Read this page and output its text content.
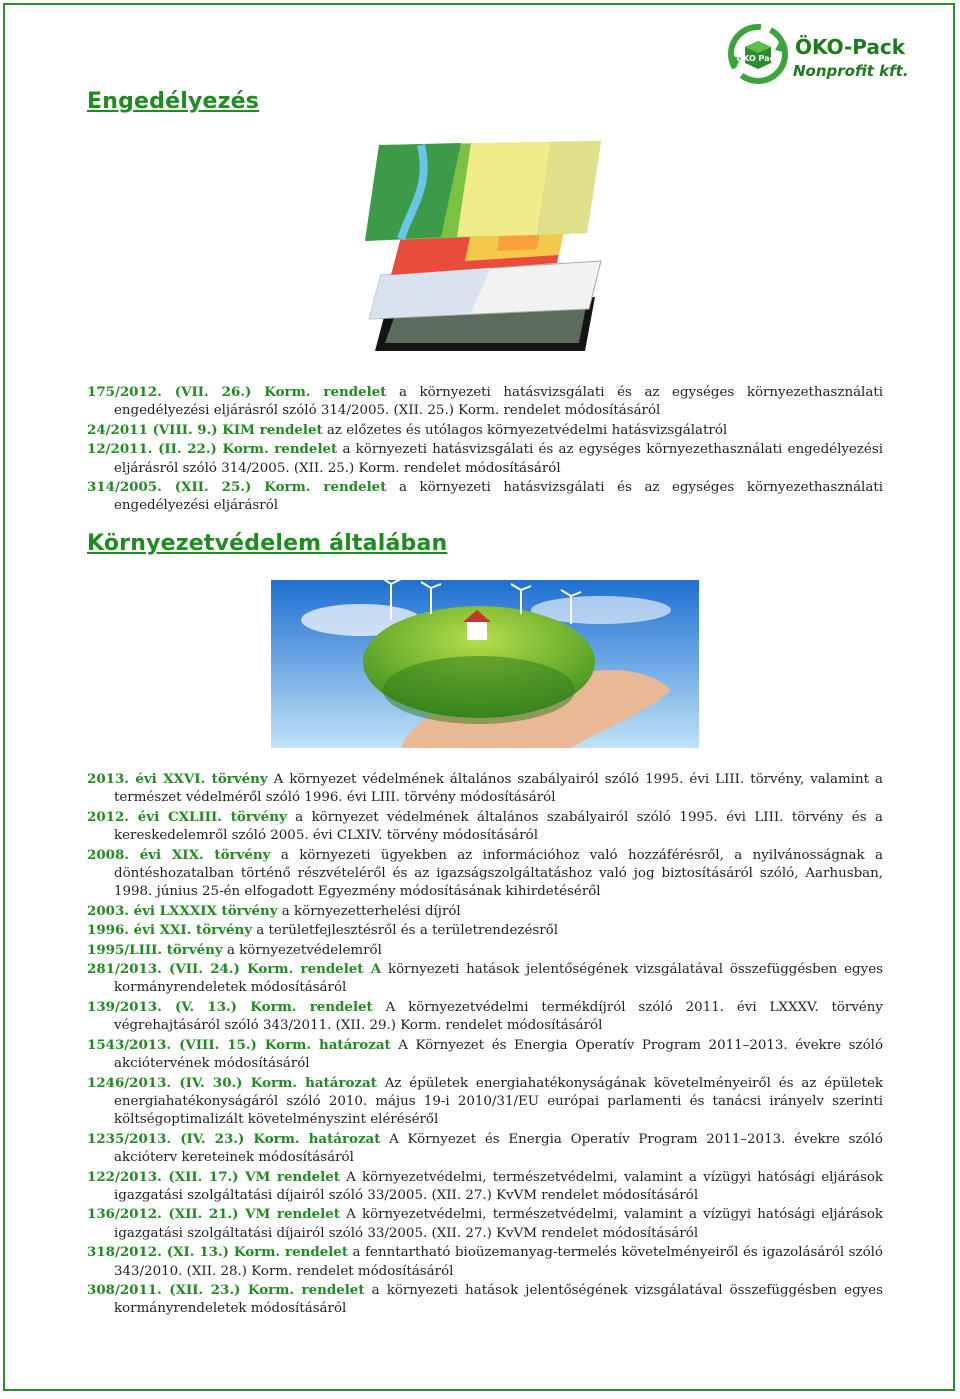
ÖKO Pack ÖKO-Pack
Nonprofit kft.
Engedélyezés
175/2012. (VII. 26.) Korm. rendelet a környezeti hatásvizsgálati és az egységes környezethasználati engedélyezési eljárásról szóló 314/2005. (XII. 25.) Korm. rendelet módosításáról
24/2011 (VIII. 9.) KIM rendelet az előzetes és utólagos környezetvédelmi hatásvizsgálatról
12/2011. (II. 22.) Korm. rendelet a környezeti hatásvizsgálati és az egységes környezethasználati engedélyezési eljárásról szóló 314/2005. (XII. 25.) Korm. rendelet módosításáról
314/2005. (XII. 25.) Korm. rendelet a környezeti hatásvizsgálati és az egységes környezethasználati engedélyezési eljárásról
Környezetvédelem általában
2013. évi XXVI. törvény A környezet védelmének általános szabályairól szóló 1995. évi LIII. törvény, valamint a természet védelméről szóló 1996. évi LIII. törvény módosításáról
2012. évi CXLIII. törvény a környezet védelmének általános szabályairól szóló 1995. évi LIII. törvény és a kereskedelemről szóló 2005. évi CLXIV. törvény módosításáról
2008. évi XIX. törvény a környezeti ügyekben az információhoz való hozzáférésről, a nyilvánosságnak a döntéshozatalban történő részvételéről és az igazságszolgáltatáshoz való jog biztosításáról szóló, Aarhusban, 1998. június 25-én elfogadott Egyezmény módosításának kihirdetéséről
2003. évi LXXXIX törvény a környezetterhelési díjról
1996. évi XXI. törvény a területfejlesztésről és a területrendezésről
1995/LIII. törvény a környezetvédelemről
281/2013. (VII. 24.) Korm. rendelet A környezeti hatások jelentőségének vizsgálatával összefüggésben egyes kormányrendeletek módosításáról
139/2013. (V. 13.) Korm. rendelet A környezetvédelmi termékdíjról szóló 2011. évi LXXXV. törvény végrehajtásáról szóló 343/2011. (XII. 29.) Korm. rendelet módosításáról
1543/2013. (VIII. 15.) Korm. határozat A Környezet és Energia Operatív Program 2011–2013. évekre szóló akciótervének módosításáról
1246/2013. (IV. 30.) Korm. határozat Az épületek energiahatékonyságának követelményeiről és az épületek energiahatékonyságáról szóló 2010. május 19-i 2010/31/EU európai parlamenti és tanácsi irányelv szerinti költségoptimalizált követelményszint eléréséről
1235/2013. (IV. 23.) Korm. határozat A Környezet és Energia Operatív Program 2011–2013. évekre szóló akcióterv kereteinek módosításáról
122/2013. (XII. 17.) VM rendelet A környezetvédelmi, természetvédelmi, valamint a vízügyi hatósági eljárások igazgatási szolgáltatási díjairól szóló 33/2005. (XII. 27.) KvVM rendelet módosításáról
136/2012. (XII. 21.) VM rendelet A környezetvédelmi, természetvédelmi, valamint a vízügyi hatósági eljárások igazgatási szolgáltatási díjairól szóló 33/2005. (XII. 27.) KvVM rendelet módosításáról
318/2012. (XI. 13.) Korm. rendelet a fenntartható bioüzemanyag-termelés követelményeiről és igazolásáról szóló 343/2010. (XII. 28.) Korm. rendelet módosításáról
308/2011. (XII. 23.) Korm. rendelet a környezeti hatások jelentőségének vizsgálatával összefüggésben egyes kormányrendeletek módosításáról
